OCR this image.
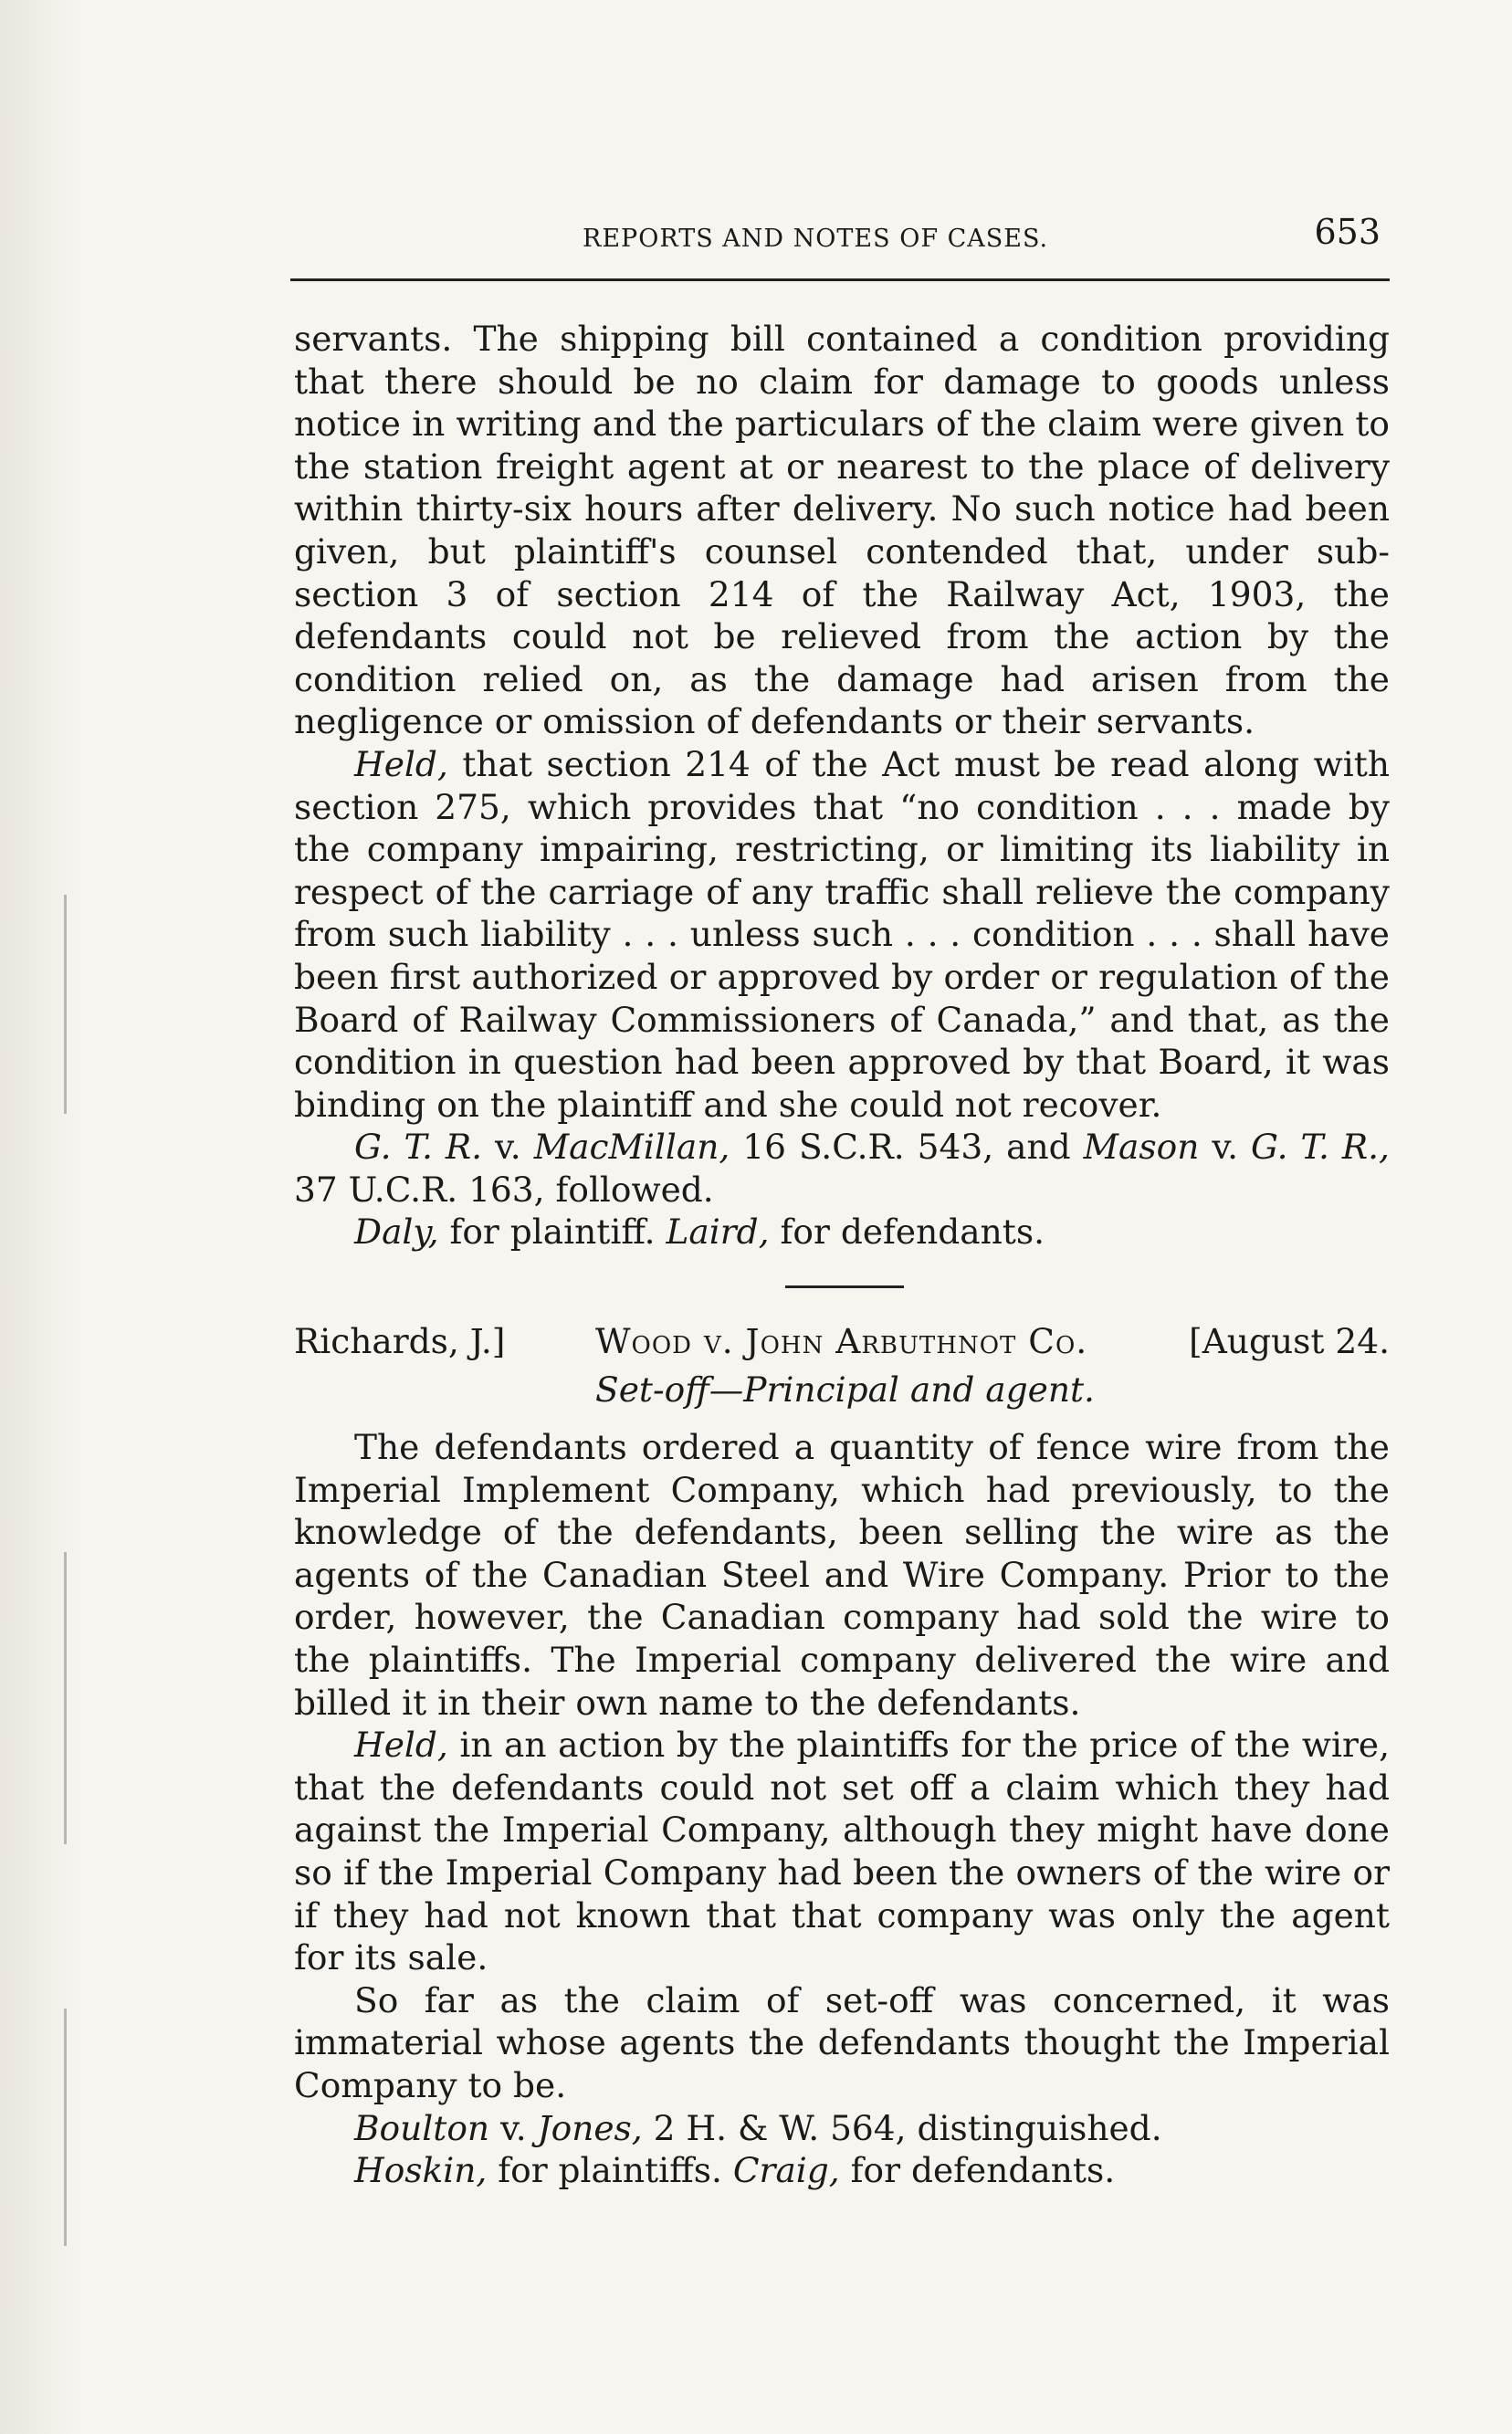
REPORTS AND NOTES OF CASES.	653

servants. The shipping bill contained a condition providing that there should be no claim for damage to goods unless notice in writing and the particulars of the claim were given to the station freight agent at or nearest to the place of delivery within thirty-six hours after delivery. No such notice had been given, but plaintiff's counsel contended that, under sub-section 3 of section 214 of the Railway Act, 1903, the defendants could not be relieved from the action by the condition relied on, as the damage had arisen from the negligence or omission of defendants or their servants.

Held, that section 214 of the Act must be read along with section 275, which provides that “no condition . . . made by the company impairing, restricting, or limiting its liability in respect of the carriage of any traffic shall relieve the company from such liability . . . unless such . . . condition . . . shall have been first authorized or approved by order or regulation of the Board of Railway Commissioners of Canada,” and that, as the condition in question had been approved by that Board, it was binding on the plaintiff and she could not recover.

G. T. R. v. MacMillan, 16 S.C.R. 543, and Mason v. G. T. R., 37 U.C.R. 163, followed.

Daly, for plaintiff. Laird, for defendants.

Richards, J.]	Wood v. John Arbuthnot Co.	[August 24.
Set-off—Principal and agent.

The defendants ordered a quantity of fence wire from the Imperial Implement Company, which had previously, to the knowledge of the defendants, been selling the wire as the agents of the Canadian Steel and Wire Company. Prior to the order, however, the Canadian company had sold the wire to the plaintiffs. The Imperial company delivered the wire and billed it in their own name to the defendants.

Held, in an action by the plaintiffs for the price of the wire, that the defendants could not set off a claim which they had against the Imperial Company, although they might have done so if the Imperial Company had been the owners of the wire or if they had not known that that company was only the agent for its sale.

So far as the claim of set-off was concerned, it was immaterial whose agents the defendants thought the Imperial Company to be.

Boulton v. Jones, 2 H. & W. 564, distinguished.

Hoskin, for plaintiffs. Craig, for defendants.
